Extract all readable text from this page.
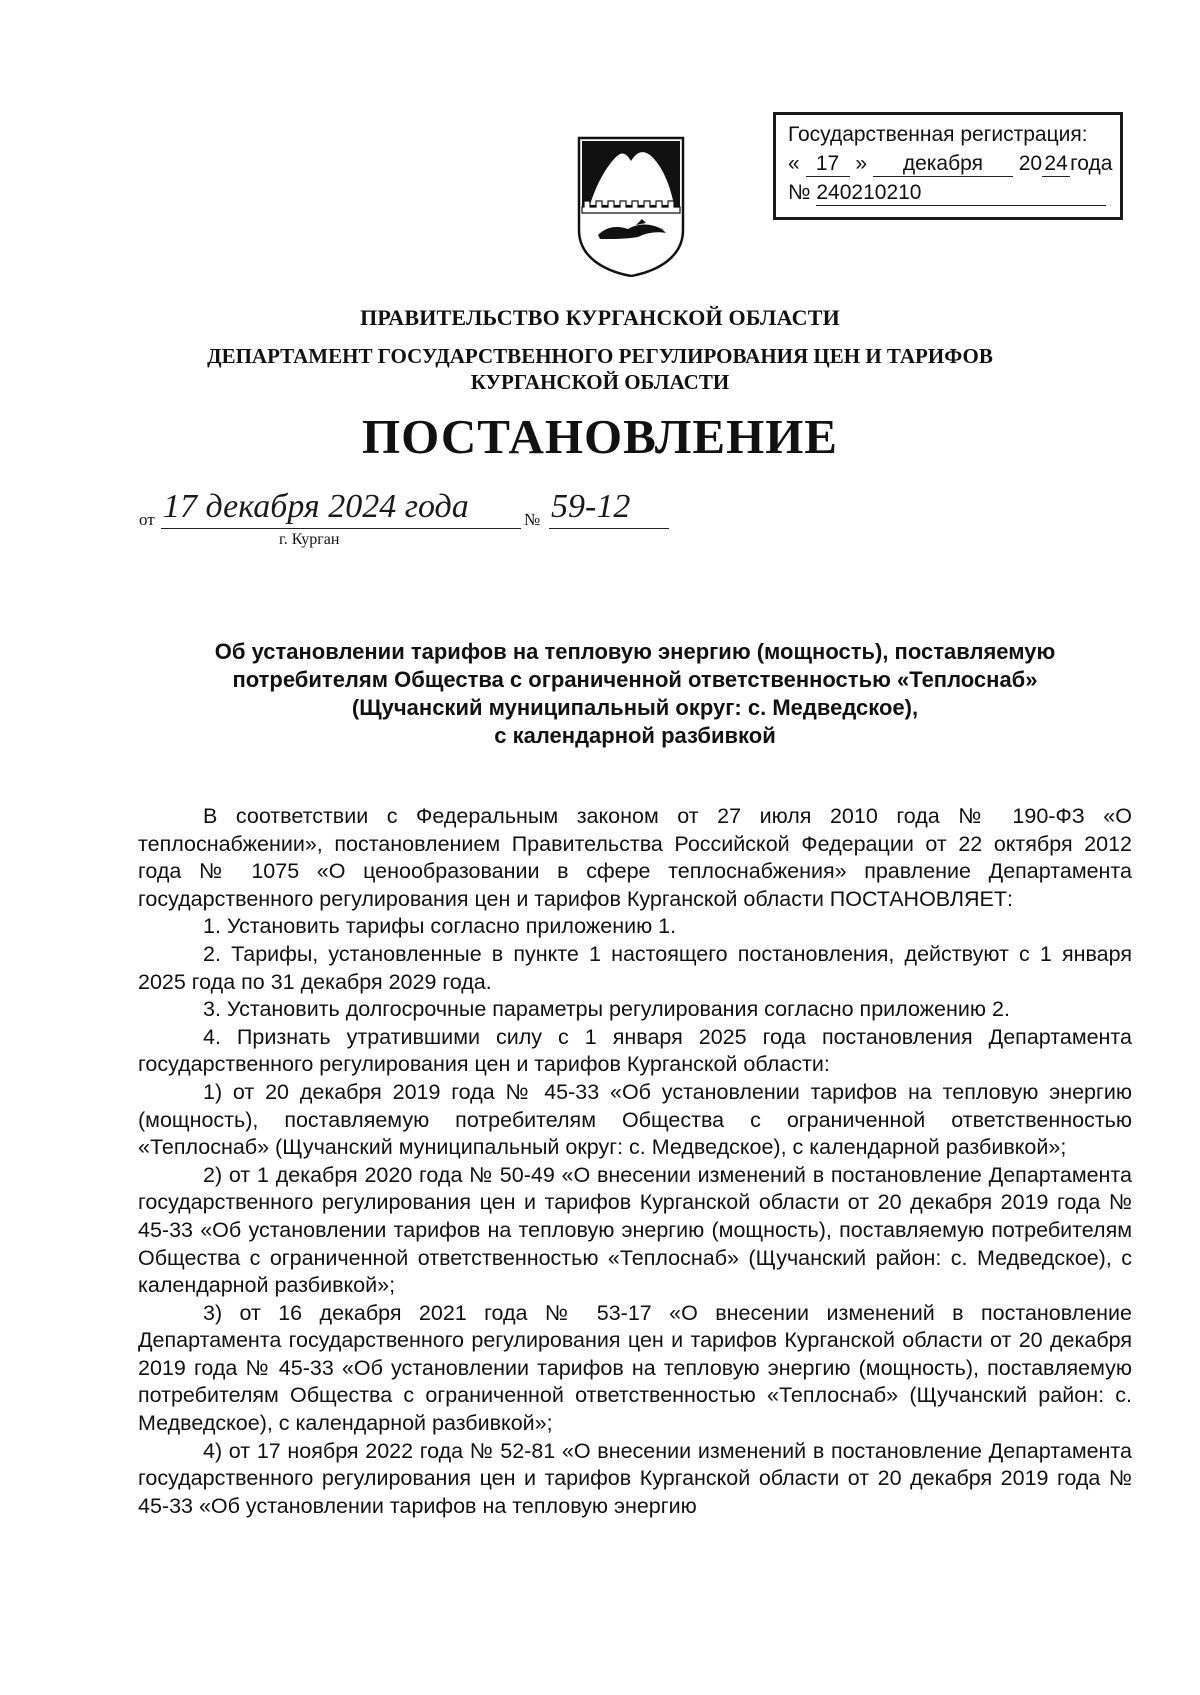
Государственная регистрация:
« 17 » декабря 20 24 года
№ 240210210
ПРАВИТЕЛЬСТВО КУРГАНСКОЙ ОБЛАСТИ
ДЕПАРТАМЕНТ ГОСУДАРСТВЕННОГО РЕГУЛИРОВАНИЯ ЦЕН И ТАРИФОВ
КУРГАНСКОЙ ОБЛАСТИ
ПОСТАНОВЛЕНИЕ
от 17 декабря 2024 года	№ 59-12
г. Курган
Об установлении тарифов на тепловую энергию (мощность), поставляемую
потребителям Общества с ограниченной ответственностью «Теплоснаб»
(Щучанский муниципальный округ: с. Медведское),
с календарной разбивкой

В соответствии с Федеральным законом от 27 июля 2010 года № 190-ФЗ «О теплоснабжении», постановлением Правительства Российской Федерации от 22 октября 2012 года № 1075 «О ценообразовании в сфере теплоснабжения» правление Департамента государственного регулирования цен и тарифов Курганской области ПОСТАНОВЛЯЕТ:

1. Установить тарифы согласно приложению 1.

2. Тарифы, установленные в пункте 1 настоящего постановления, действуют с 1 января 2025 года по 31 декабря 2029 года.

3. Установить долгосрочные параметры регулирования согласно приложению 2.

4. Признать утратившими силу с 1 января 2025 года постановления Департамента государственного регулирования цен и тарифов Курганской области:

1) от 20 декабря 2019 года № 45-33 «Об установлении тарифов на тепловую энергию (мощность), поставляемую потребителям Общества с ограниченной ответственностью «Теплоснаб» (Щучанский муниципальный округ: с. Медведское), с календарной разбивкой»;

2) от 1 декабря 2020 года № 50-49 «О внесении изменений в постановление Департамента государственного регулирования цен и тарифов Курганской области от 20 декабря 2019 года № 45-33 «Об установлении тарифов на тепловую энергию (мощность), поставляемую потребителям Общества с ограниченной ответственностью «Теплоснаб» (Щучанский район: с. Медведское), с календарной разбивкой»;

3) от 16 декабря 2021 года № 53-17 «О внесении изменений в постановление Департамента государственного регулирования цен и тарифов Курганской области от 20 декабря 2019 года № 45-33 «Об установлении тарифов на тепловую энергию (мощность), поставляемую потребителям Общества с ограниченной ответственностью «Теплоснаб» (Щучанский район: с. Медведское), с календарной разбивкой»;

4) от 17 ноября 2022 года № 52-81 «О внесении изменений в постановление Департамента государственного регулирования цен и тарифов Курганской области от 20 декабря 2019 года № 45-33 «Об установлении тарифов на тепловую энергию
